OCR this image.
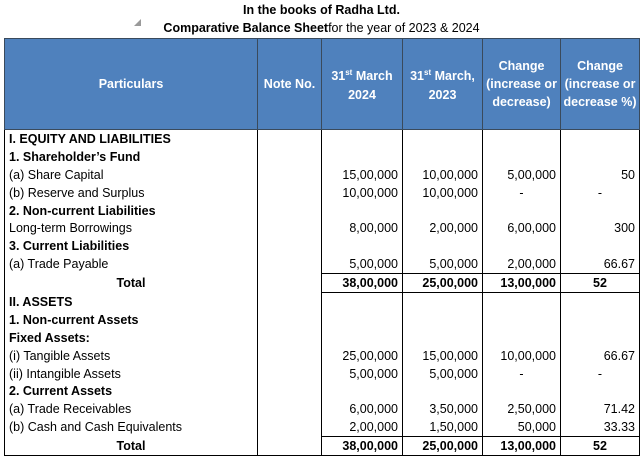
In the books of Radha Ltd.
Comparative Balance Sheetfor the year of 2023 & 2024
Particulars	Note No.	31st March 2024	31st March, 2023	Change (increase or decrease)	Change (increase or decrease %)
I. EQUITY AND LIABILITIES					
1. Shareholder’s Fund					
(a) Share Capital		15,00,000	10,00,000	5,00,000	50
(b) Reserve and Surplus		10,00,000	10,00,000	-	-
2. Non-current Liabilities					
Long-term Borrowings		8,00,000	2,00,000	6,00,000	300
3. Current Liabilities					
(a) Trade Payable		5,00,000	5,00,000	2,00,000	66.67
Total		38,00,000	25,00,000	13,00,000	52
II. ASSETS					
1. Non-current Assets					
Fixed Assets:					
(i) Tangible Assets		25,00,000	15,00,000	10,00,000	66.67
(ii) Intangible Assets		5,00,000	5,00,000	-	-
2. Current Assets					
(a) Trade Receivables		6,00,000	3,50,000	2,50,000	71.42
(b) Cash and Cash Equivalents		2,00,000	1,50,000	50,000	33.33
Total		38,00,000	25,00,000	13,00,000	52
